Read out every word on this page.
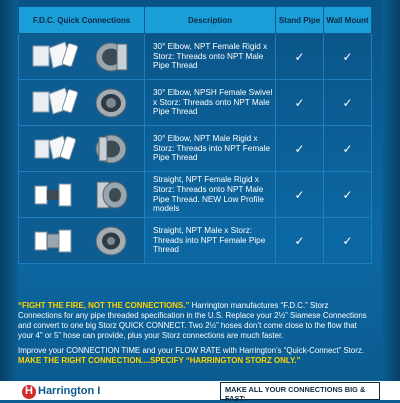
F.D.C. Quick Connections	Description	Stand Pipe	Wall Mount

	30° Elbow, NPT Female Rigid x Storz: Threads onto NPT Male Pipe Thread	✓	✓

	30° Elbow, NPSH Female Swivel x Storz: Threads onto NPT Male Pipe Thread	✓	✓

	30° Elbow, NPT Male Rigid x Storz: Threads into NPT Female Pipe Thread	✓	✓

	Straight, NPT Female Rigid x Storz: Threads onto NPT Male Pipe Thread. NEW Low Profile models	✓	✓

	Straight, NPT Male x Storz: Threads into NPT Female Pipe Thread	✓	✓

“FIGHT THE FIRE, NOT THE CONNECTIONS.” Harrington manufactures “F.D.C.” Storz Connections for any pipe threaded specification in the U.S. Replace your 2½” Siamese Connections and convert to one big Storz QUICK CONNECT. Two 2½” hoses don’t come close to the flow that your 4” or 5” hose can provide, plus your Storz connections are much faster.

Improve your CONNECTION TIME and your FLOW RATE with Harrington’s “Quick-Connect” Storz.
MAKE THE RIGHT CONNECTION....SPECIFY “HARRINGTON STORZ ONLY.”

H Harrington I	MAKE ALL YOUR CONNECTIONS BIG & FAST:
